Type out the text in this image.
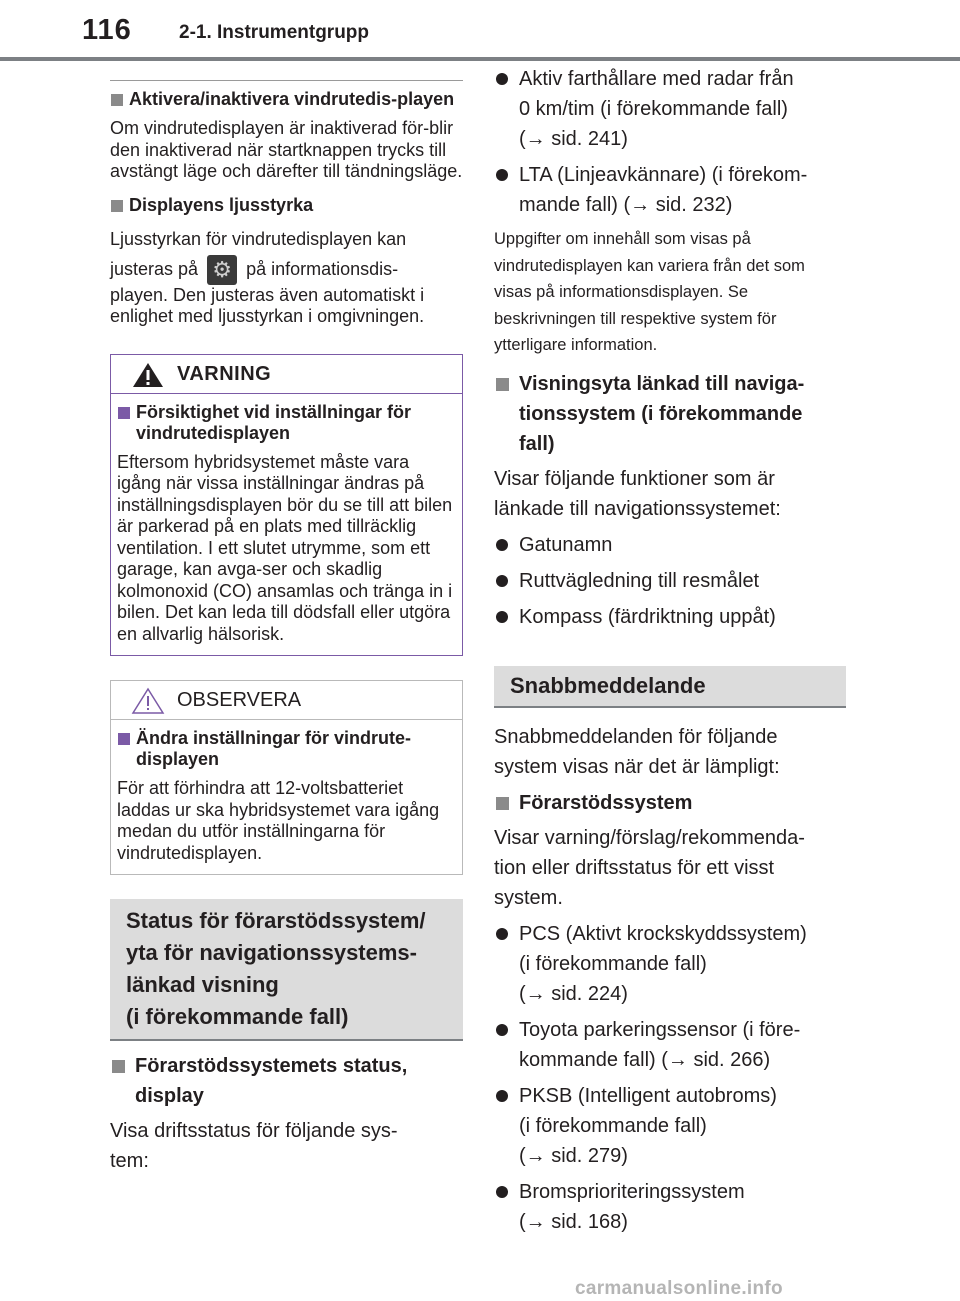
116 2-1. Instrumentgrupp
Aktivera/inaktivera vindrutedis-playen

Om vindrutedisplayen är inaktiverad för-blir den inaktiverad när startknappen trycks till avstängt läge och därefter till tändningsläge.

Displayens ljusstyrka

Ljusstyrkan för vindrutedisplayen kan
justeras på ⚙ på informationsdis-

playen. Den justeras även automatiskt i enlighet med ljusstyrkan i omgivningen.

VARNING
Försiktighet vid inställningar för vindrutedisplayen

Eftersom hybridsystemet måste vara igång när vissa inställningar ändras på inställningsdisplayen bör du se till att bilen är parkerad på en plats med tillräcklig ventilation. I ett slutet utrymme, som ett garage, kan avga-ser och skadlig kolmonoxid (CO) ansamlas och tränga in i bilen. Det kan leda till dödsfall eller utgöra en allvarlig hälsorisk.

OBSERVERA
Ändra inställningar för vindrute-displayen

För att förhindra att 12-voltsbatteriet laddas ur ska hybridsystemet vara igång medan du utför inställningarna för vindrutedisplayen.

Status för förarstödssystem/
yta för navigationssystems-
länkad visning
(i förekommande fall)
Förarstödssystemets status,
display

Visa driftsstatus för följande sys-
tem:

Aktiv farthållare med radar från
0 km/tim (i förekommande fall)
(→ sid. 241)
LTA (Linjeavkännare) (i förekom-
mande fall) (→ sid. 232)

Uppgifter om innehåll som visas på vindrutedisplayen kan variera från det som visas på informationsdisplayen. Se beskrivningen till respektive system för ytterligare information.

Visningsyta länkad till naviga-
tionssystem (i förekommande
fall)

Visar följande funktioner som är
länkade till navigationssystemet:

Gatunamn
Ruttvägledning till resmålet
Kompass (färdriktning uppåt)
Snabbmeddelande

Snabbmeddelanden för följande
system visas när det är lämpligt:

Förarstödssystem

Visar varning/förslag/rekommenda-
tion eller driftsstatus för ett visst
system.

PCS (Aktivt krockskyddssystem)
(i förekommande fall)
(→ sid. 224)
Toyota parkeringssensor (i före-
kommande fall) (→ sid. 266)
PKSB (Intelligent autobroms)
(i förekommande fall)
(→ sid. 279)
Bromsprioriteringssystem
(→ sid. 168)
carmanualsonline.info
